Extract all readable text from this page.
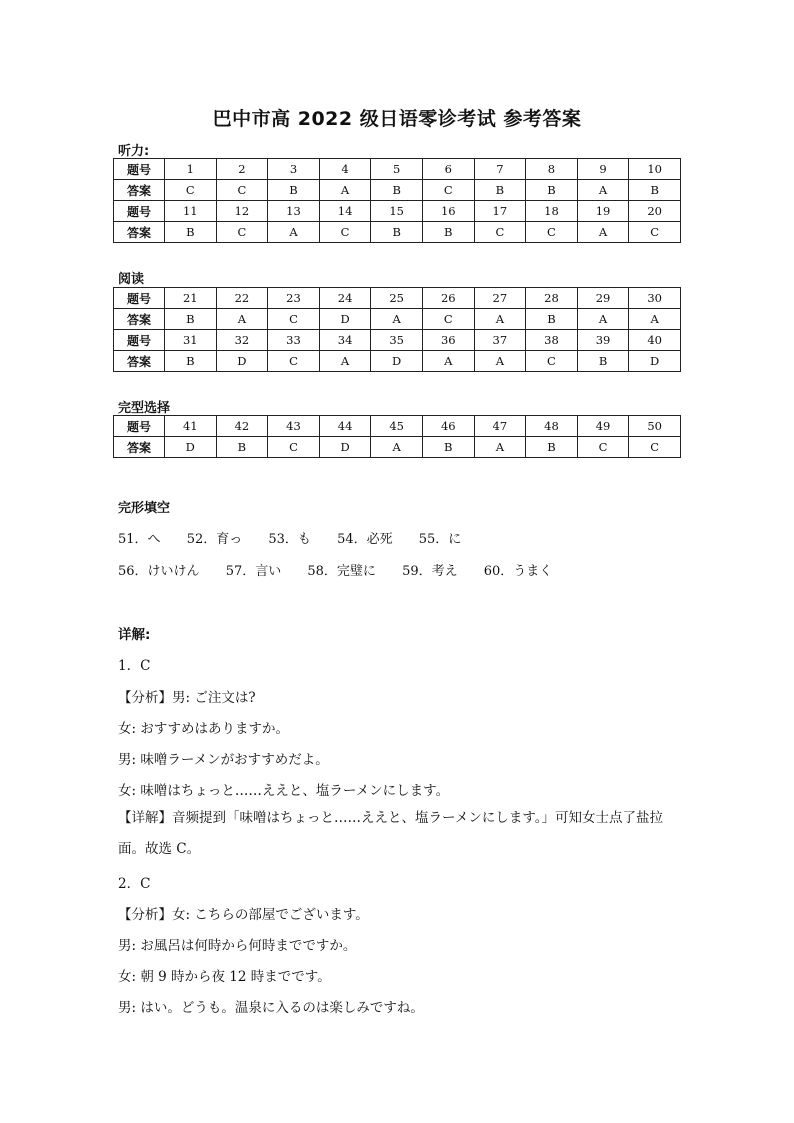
巴中市高 2022 级日语零诊考试 参考答案
听力:
题号	1	2	3	4	5	6	7	8	9	10
答案	C	C	B	A	B	C	B	B	A	B
题号	11	12	13	14	15	16	17	18	19	20
答案	B	C	A	C	B	B	C	C	A	C
阅读
题号	21	22	23	24	25	26	27	28	29	30
答案	B	A	C	D	A	C	A	B	A	A
题号	31	32	33	34	35	36	37	38	39	40
答案	B	D	C	A	D	A	A	C	B	D
完型选择
题号	41	42	43	44	45	46	47	48	49	50
答案	D	B	C	D	A	B	A	B	C	C
完形填空
51．へ 52．育っ 53．も 54．必死 55．に
56．けいけん 57．言い 58．完璧に 59．考え 60．うまく
详解:
1．C
【分析】男: ご注文は?
女: おすすめはありますか。
男: 味噌ラーメンがおすすめだよ。
女: 味噌はちょっと……ええと、塩ラーメンにします。
【详解】音频提到「味噌はちょっと……ええと、塩ラーメンにします。」可知女士点了盐拉面。故选 C。
2．C
【分析】女: こちらの部屋でございます。
男: お風呂は何時から何時までですか。
女: 朝 9 時から夜 12 時までです。
男: はい。どうも。温泉に入るのは楽しみですね。
